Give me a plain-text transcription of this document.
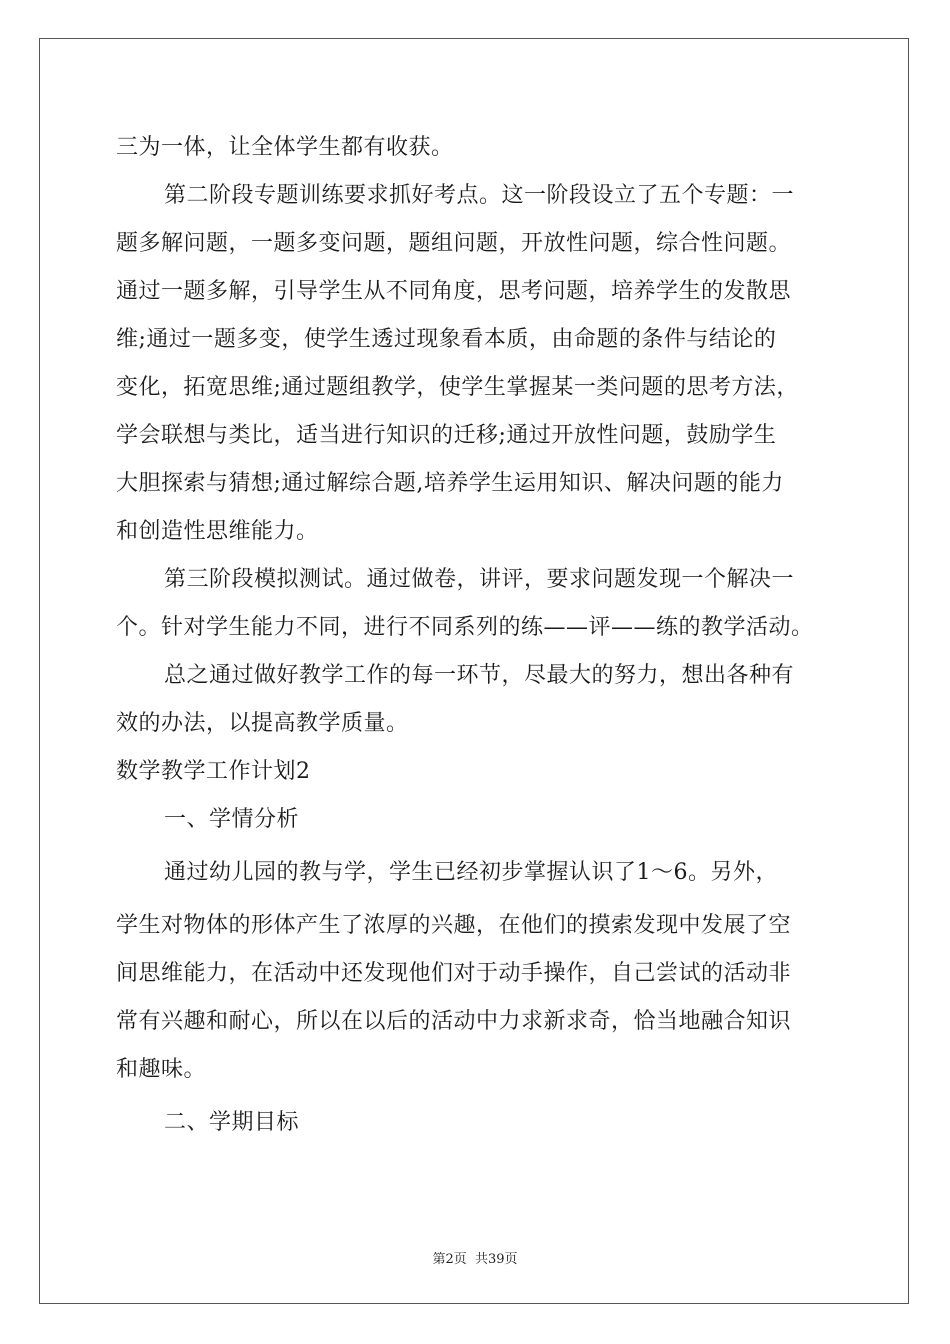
三为一体，让全体学生都有收获。
第二阶段专题训练要求抓好考点。这一阶段设立了五个专题：一
题多解问题，一题多变问题，题组问题，开放性问题，综合性问题。
通过一题多解，引导学生从不同角度，思考问题，培养学生的发散思
维;通过一题多变，使学生透过现象看本质，由命题的条件与结论的
变化，拓宽思维;通过题组教学，使学生掌握某一类问题的思考方法，
学会联想与类比，适当进行知识的迁移;通过开放性问题，鼓励学生
大胆探索与猜想;通过解综合题,培养学生运用知识、解决问题的能力
和创造性思维能力。
第三阶段模拟测试。通过做卷，讲评，要求问题发现一个解决一
个。针对学生能力不同，进行不同系列的练——评——练的教学活动。
总之通过做好教学工作的每一环节，尽最大的努力，想出各种有
效的办法，以提高教学质量。
数学教学工作计划2
一、学情分析
通过幼儿园的教与学，学生已经初步掌握认识了1～6。另外，
学生对物体的形体产生了浓厚的兴趣，在他们的摸索发现中发展了空
间思维能力，在活动中还发现他们对于动手操作，自己尝试的活动非
常有兴趣和耐心，所以在以后的活动中力求新求奇，恰当地融合知识
和趣味。
二、学期目标
第2页 共39页
